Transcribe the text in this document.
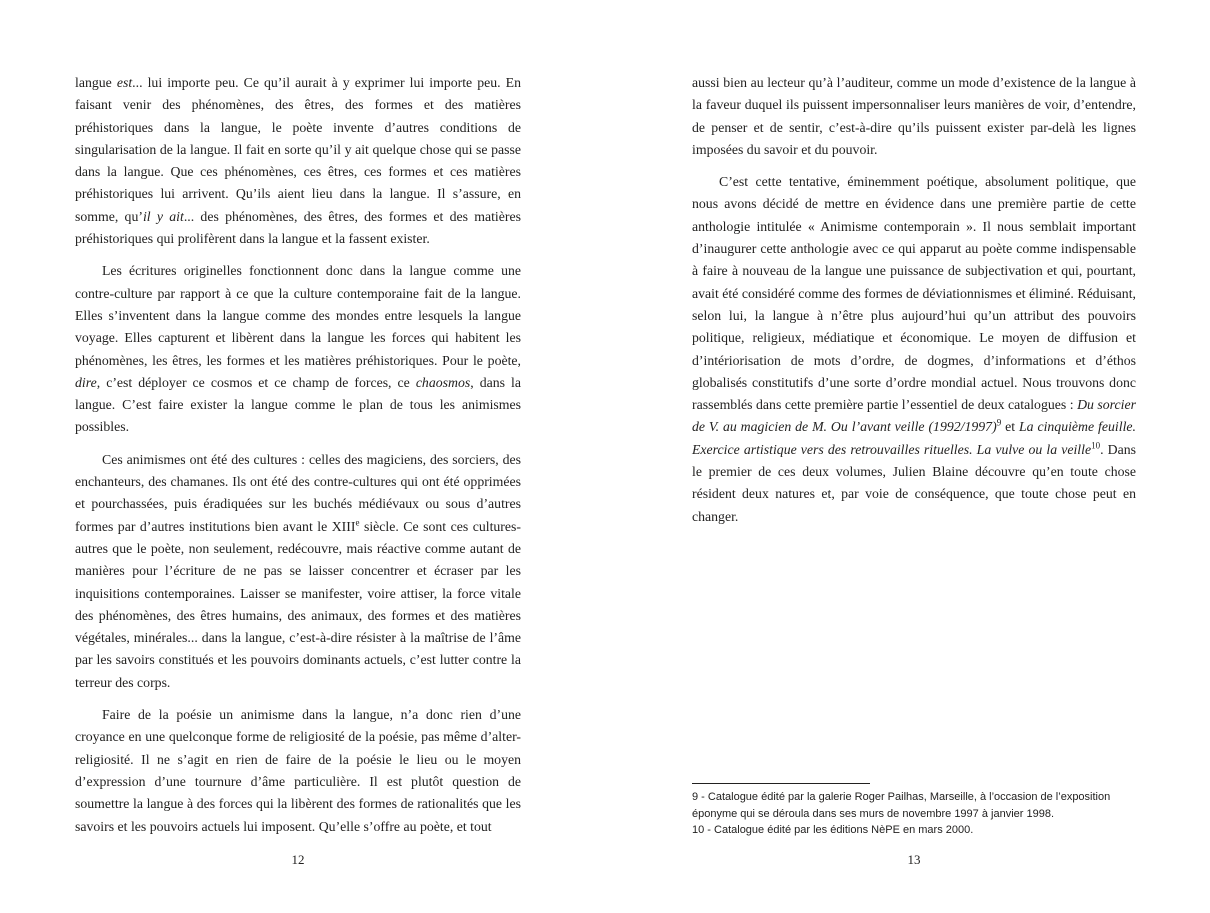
langue est... lui importe peu. Ce qu’il aurait à y exprimer lui importe peu. En faisant venir des phénomènes, des êtres, des formes et des matières préhistoriques dans la langue, le poète invente d’autres conditions de singularisation de la langue. Il fait en sorte qu’il y ait quelque chose qui se passe dans la langue. Que ces phénomènes, ces êtres, ces formes et ces matières préhistoriques lui arrivent. Qu’ils aient lieu dans la langue. Il s’assure, en somme, qu’il y ait... des phénomènes, des êtres, des formes et des matières préhistoriques qui prolifèrent dans la langue et la fassent exister.

Les écritures originelles fonctionnent donc dans la langue comme une contre-culture par rapport à ce que la culture contemporaine fait de la langue. Elles s’inventent dans la langue comme des mondes entre lesquels la langue voyage. Elles capturent et libèrent dans la langue les forces qui habitent les phénomènes, les êtres, les formes et les matières préhistoriques. Pour le poète, dire, c’est déployer ce cosmos et ce champ de forces, ce chaosmos, dans la langue. C’est faire exister la langue comme le plan de tous les animismes possibles.

Ces animismes ont été des cultures : celles des magiciens, des sorciers, des enchanteurs, des chamanes. Ils ont été des contre-cultures qui ont été opprimées et pourchassées, puis éradiquées sur les buchés médiévaux ou sous d’autres formes par d’autres institutions bien avant le XIIIe siècle. Ce sont ces cultures-autres que le poète, non seulement, redécouvre, mais réactive comme autant de manières pour l’écriture de ne pas se laisser concentrer et écraser par les inquisitions contemporaines. Laisser se manifester, voire attiser, la force vitale des phénomènes, des êtres humains, des animaux, des formes et des matières végétales, minérales... dans la langue, c’est-à-dire résister à la maîtrise de l’âme par les savoirs constitués et les pouvoirs dominants actuels, c’est lutter contre la terreur des corps.

Faire de la poésie un animisme dans la langue, n’a donc rien d’une croyance en une quelconque forme de religiosité de la poésie, pas même d’alter-religiosité. Il ne s’agit en rien de faire de la poésie le lieu ou le moyen d’expression d’une tournure d’âme particulière. Il est plutôt question de soumettre la langue à des forces qui la libèrent des formes de rationalités que les savoirs et les pouvoirs actuels lui imposent. Qu’elle s’offre au poète, et tout

aussi bien au lecteur qu’à l’auditeur, comme un mode d’existence de la langue à la faveur duquel ils puissent impersonnaliser leurs manières de voir, d’entendre, de penser et de sentir, c’est-à-dire qu’ils puissent exister par-delà les lignes imposées du savoir et du pouvoir.

C’est cette tentative, éminemment poétique, absolument politique, que nous avons décidé de mettre en évidence dans une première partie de cette anthologie intitulée « Animisme contemporain ». Il nous semblait important d’inaugurer cette anthologie avec ce qui apparut au poète comme indispensable à faire à nouveau de la langue une puissance de subjectivation et qui, pourtant, avait été considéré comme des formes de déviationnismes et éliminé. Réduisant, selon lui, la langue à n’être plus aujourd’hui qu’un attribut des pouvoirs politique, religieux, médiatique et économique. Le moyen de diffusion et d’intériorisation de mots d’ordre, de dogmes, d’informations et d’éthos globalisés constitutifs d’une sorte d’ordre mondial actuel. Nous trouvons donc rassemblés dans cette première partie l’essentiel de deux catalogues : Du sorcier de V. au magicien de M. Ou l’avant veille $(1992/1997)^9$ et La cinquième feuille. Exercice artistique vers des retrouvailles rituelles. La vulve ou la veille$^{10}$. Dans le premier de ces deux volumes, Julien Blaine découvre qu’en toute chose résident deux natures et, par voie de conséquence, que toute chose peut en changer.

9 - Catalogue édité par la galerie Roger Pailhas, Marseille, à l’occasion de l’exposition éponyme qui se déroula dans ses murs de novembre 1997 à janvier 1998.

10 - Catalogue édité par les éditions NèPE en mars 2000.

12	13
